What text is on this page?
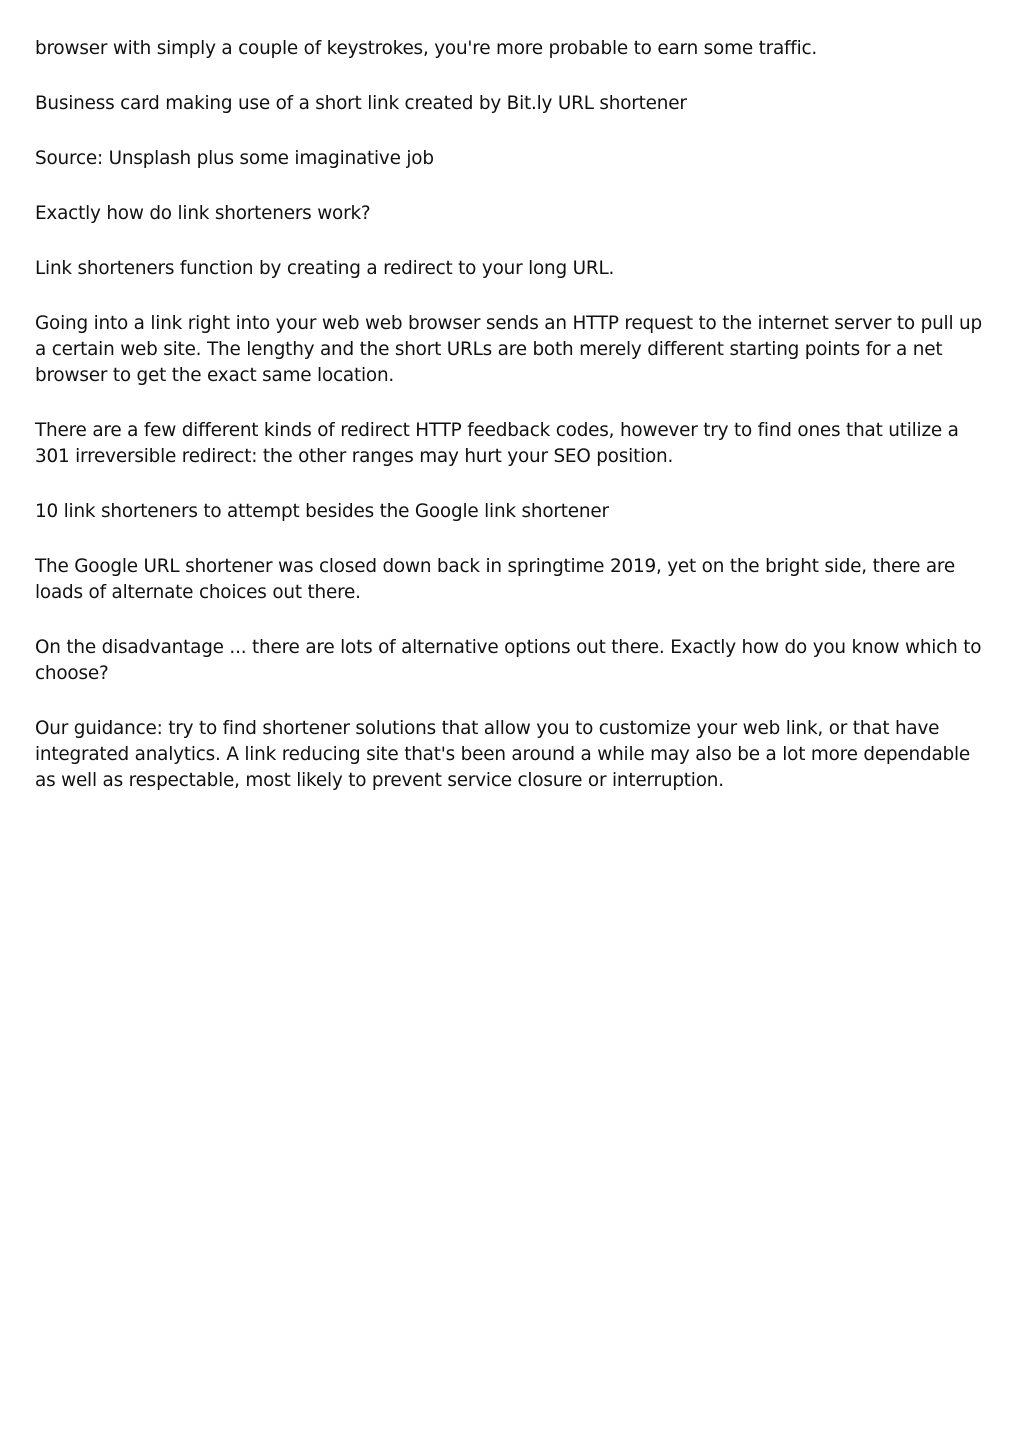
browser with simply a couple of keystrokes, you're more probable to earn some traffic.

Business card making use of a short link created by Bit.ly URL shortener

Source: Unsplash plus some imaginative job

Exactly how do link shorteners work?

Link shorteners function by creating a redirect to your long URL.

Going into a link right into your web web browser sends an HTTP request to the internet server to pull up a certain web site. The lengthy and the short URLs are both merely different starting points for a net browser to get the exact same location.

There are a few different kinds of redirect HTTP feedback codes, however try to find ones that utilize a 301 irreversible redirect: the other ranges may hurt your SEO position.

10 link shorteners to attempt besides the Google link shortener

The Google URL shortener was closed down back in springtime 2019, yet on the bright side, there are loads of alternate choices out there.

On the disadvantage ... there are lots of alternative options out there. Exactly how do you know which to choose?

Our guidance: try to find shortener solutions that allow you to customize your web link, or that have integrated analytics. A link reducing site that's been around a while may also be a lot more dependable as well as respectable, most likely to prevent service closure or interruption.
